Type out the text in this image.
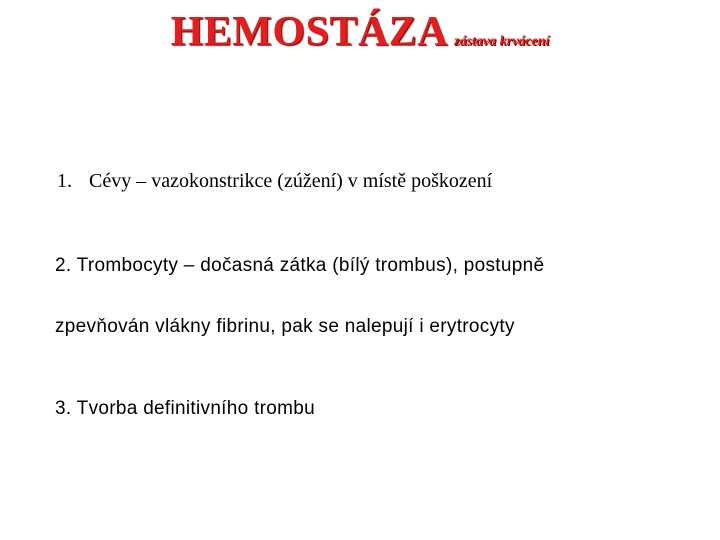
HEMOSTÁZA zástava krvácení
1. Cévy – vazokonstrikce (zúžení) v místě poškození
2. Trombocyty – dočasná zátka (bílý trombus), postupně
zpevňován vlákny fibrinu, pak se nalepují i erytrocyty
3. Tvorba definitivního trombu
